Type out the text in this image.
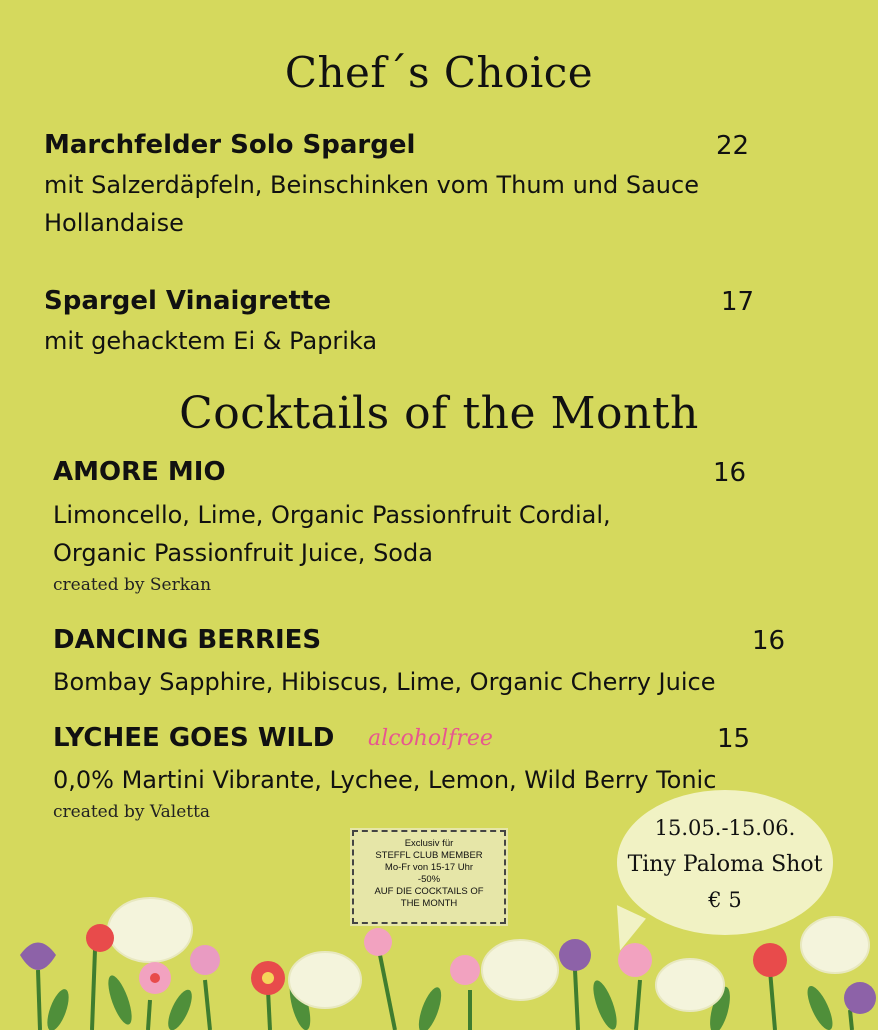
Chef´s Choice
Marchfelder Solo Spargel	22
mit Salzerdäpfeln, Beinschinken vom Thum und Sauce
Hollandaise
Spargel Vinaigrette	17
mit gehacktem Ei & Paprika
Cocktails of the Month
AMORE MIO	16
Limoncello, Lime, Organic Passionfruit Cordial,
Organic Passionfruit Juice, Soda
created by Serkan
DANCING BERRIES	16
Bombay Sapphire, Hibiscus, Lime, Organic Cherry Juice
LYCHEE GOES WILD alcoholfree	15
0,0% Martini Vibrante, Lychee, Lemon, Wild Berry Tonic
created by Valetta
Exclusiv für
STEFFL CLUB MEMBER
Mo-Fr von 15-17 Uhr
-50%
AUF DIE COCKTAILS OF
THE MONTH
15.05.-15.06.
Tiny Paloma Shot
€ 5
